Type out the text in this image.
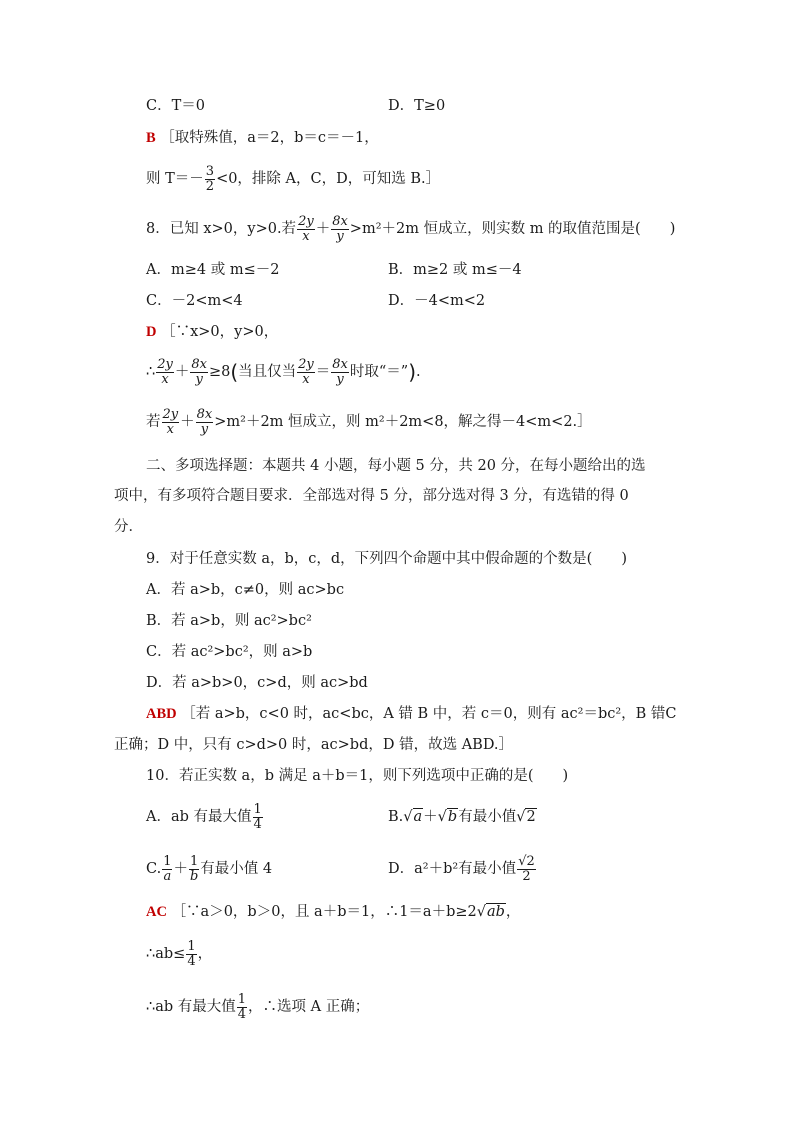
C．T＝0	D．T≥0
B ［取特殊值，a＝2，b＝c＝－1，
则 $T=- \frac{3}{2} <0$，排除 A，C，D，可知选 B.］
8．已知 x>0，y>0.若 $\frac{2y}{x} + \frac{8x}{y} >m^2+2m$ 恒成立，则实数 m 的取值范围是(　　)
A．m≥4 或 m≤－2	B．m≥2 或 m≤－4
C．－2<m<4	D．－4<m<2
D ［∵x>0，y>0，
∴ $\frac{2y}{x} + \frac{8x}{y} \ge 8$(当且仅当 $\frac{2y}{x} = \frac{8x}{y}$ 时取“＝”).
若 $\frac{2y}{x} + \frac{8x}{y} >m^2+2m$ 恒成立，则 m²＋2m<8，解之得－4<m<2.］
二、多项选择题：本题共 4 小题，每小题 5 分，共 20 分，在每小题给出的选
项中，有多项符合题目要求．全部选对得 5 分，部分选对得 3 分，有选错的得 0
分．
9．对于任意实数 a，b，c，d，下列四个命题中其中假命题的个数是(　　)
A．若 a>b，c≠0，则 ac>bc
B．若 a>b，则 ac²>bc²
C．若 ac²>bc²，则 a>b
D．若 a>b>0，c>d，则 ac>bd
ABD ［若 a>b，c<0 时，ac<bc，A 错 B 中，若 c＝0，则有 ac²＝bc²，B 错C
正确；D 中，只有 c>d>0 时，ac>bd，D 错，故选 ABD.］
10．若正实数 a，b 满足 a＋b＝1，则下列选项中正确的是(　　)
A．ab 有最大值 $\frac{1}{4}$	B.√a＋√b有最小值√2
C. $\frac{1}{a} + \frac{1}{b}$ 有最小值 4	D．a²＋b²有最小值 $\frac{√2}{2}$
AC ［∵a＞0，b＞0，且 a＋b＝1，∴1＝a＋b≥2√ab，
∴ab≤ $\frac{1}{4}$ ，
∴ab 有最大值 $\frac{1}{4}$ ，∴选项 A 正确；
